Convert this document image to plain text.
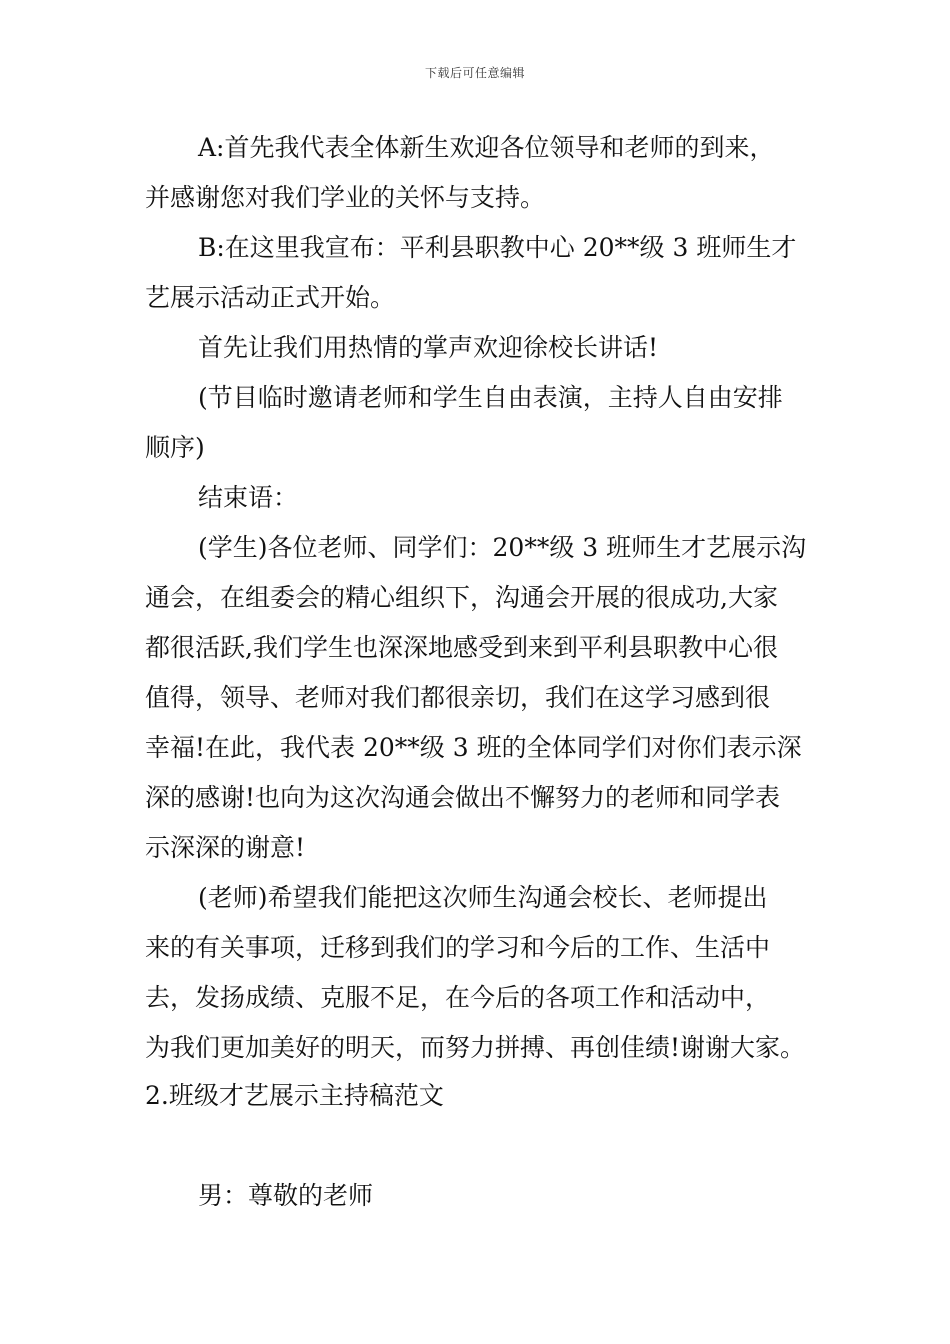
下载后可任意编辑
A:首先我代表全体新生欢迎各位领导和老师的到来，
并感谢您对我们学业的关怀与支持。
B:在这里我宣布：平利县职教中心 20**级 3 班师生才
艺展示活动正式开始。
首先让我们用热情的掌声欢迎徐校长讲话!
(节目临时邀请老师和学生自由表演，主持人自由安排
顺序)
结束语：
(学生)各位老师、同学们：20**级 3 班师生才艺展示沟
通会，在组委会的精心组织下，沟通会开展的很成功,大家
都很活跃,我们学生也深深地感受到来到平利县职教中心很
值得，领导、老师对我们都很亲切，我们在这学习感到很
幸福!在此，我代表 20**级 3 班的全体同学们对你们表示深
深的感谢!也向为这次沟通会做出不懈努力的老师和同学表
示深深的谢意!
(老师)希望我们能把这次师生沟通会校长、老师提出
来的有关事项，迁移到我们的学习和今后的工作、生活中
去，发扬成绩、克服不足，在今后的各项工作和活动中，
为我们更加美好的明天，而努力拼搏、再创佳绩!谢谢大家。
2.班级才艺展示主持稿范文
男：尊敬的老师
